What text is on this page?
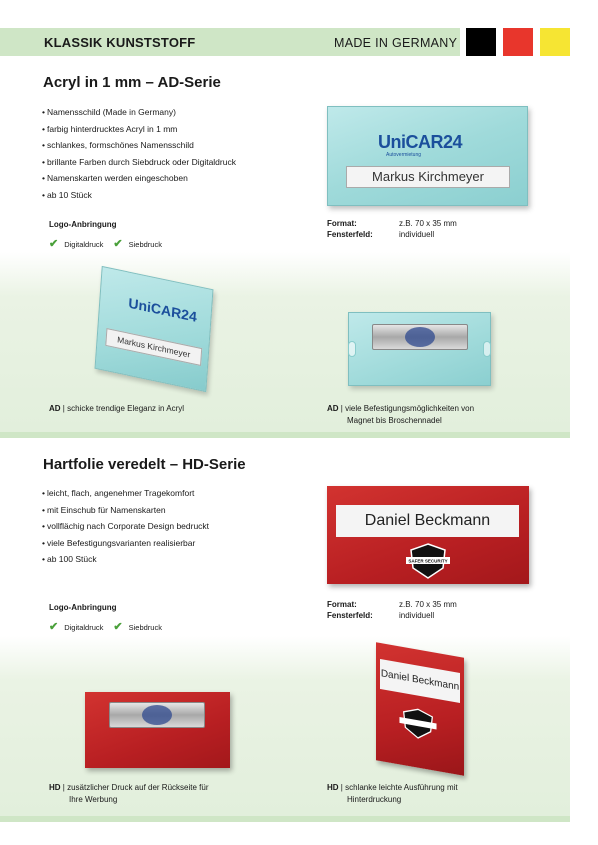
KLASSIK KUNSTSTOFF	MADE IN GERMANY
Acryl in 1 mm – AD-Serie
• Namensschild (Made in Germany)
• farbig hinterdrucktes Acryl in 1 mm
• schlankes, formschönes Namensschild
• brillante Farben durch Siebdruck oder Digitaldruck
• Namenskarten werden eingeschoben
• ab 10 Stück
UniCAR24
Autovermietung
Markus Kirchmeyer
Logo-Anbringung
✔ Digitaldruck ✔ Siebdruck
Format:	z.B. 70 x 35 mm
Fensterfeld:	individuell
UniCAR24
Markus Kirchmeyer
AD | schicke trendige Eleganz in Acryl	AD | viele Befestigungsmöglichkeiten von
Magnet bis Broschennadel
Hartfolie veredelt – HD-Serie
• leicht, flach, angenehmer Tragekomfort
• mit Einschub für Namenskarten
• vollflächig nach Corporate Design bedruckt
• viele Befestigungsvarianten realisierbar
• ab 100 Stück
Daniel Beckmann
SAFER SECURITY
Logo-Anbringung
✔ Digitaldruck ✔ Siebdruck
Format:	z.B. 70 x 35 mm
Fensterfeld:	individuell
Daniel Beckmann
HD | zusätzlicher Druck auf der Rückseite für
Ihre Werbung
HD | schlanke leichte Ausführung mit
Hinterdruckung
